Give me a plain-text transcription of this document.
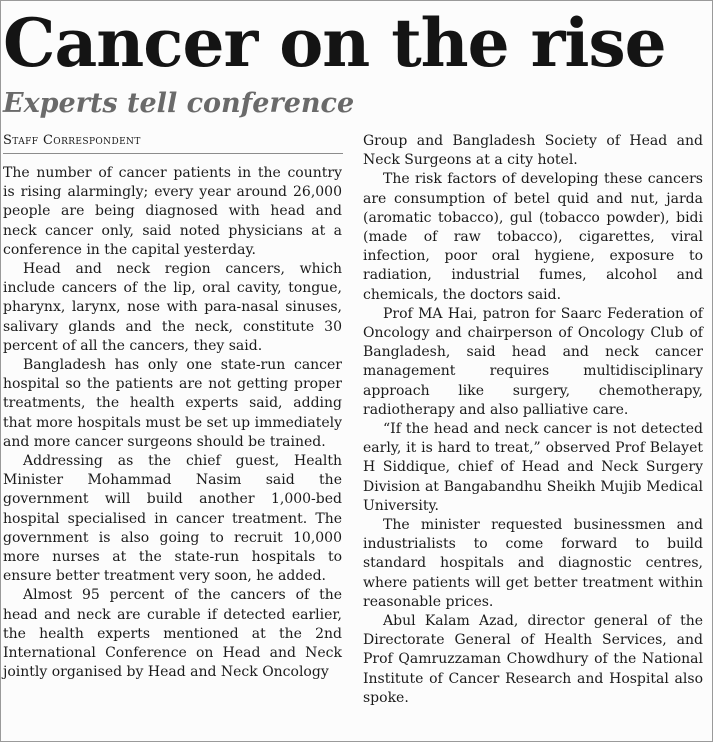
Cancer on the rise
Experts tell conference
Staff Correspondent

The number of cancer patients in the country is rising alarmingly; every year around 26,000 people are being diagnosed with head and neck cancer only, said noted physicians at a conference in the capital yesterday.

Head and neck region cancers, which include cancers of the lip, oral cavity, tongue, pharynx, larynx, nose with para-nasal sinuses, salivary glands and the neck, constitute 30 percent of all the cancers, they said.

Bangladesh has only one state-run cancer hospital so the patients are not getting proper treatments, the health experts said, adding that more hospitals must be set up immediately and more cancer surgeons should be trained.

Addressing as the chief guest, Health Minister Mohammad Nasim said the government will build another 1,000-bed hospital specialised in cancer treatment. The government is also going to recruit 10,000 more nurses at the state-run hospitals to ensure better treatment very soon, he added.

Almost 95 percent of the cancers of the head and neck are curable if detected earlier, the health experts mentioned at the 2nd International Conference on Head and Neck jointly organised by Head and Neck Oncology

Group and Bangladesh Society of Head and Neck Surgeons at a city hotel.

The risk factors of developing these cancers are consumption of betel quid and nut, jarda (aromatic tobacco), gul (tobacco powder), bidi (made of raw tobacco), cigarettes, viral infection, poor oral hygiene, exposure to radiation, industrial fumes, alcohol and chemicals, the doctors said.

Prof MA Hai, patron for Saarc Federation of Oncology and chairperson of Oncology Club of Bangladesh, said head and neck cancer management requires multidisciplinary approach like surgery, chemotherapy, radiotherapy and also palliative care.

“If the head and neck cancer is not detected early, it is hard to treat,” observed Prof Belayet H Siddique, chief of Head and Neck Surgery Division at Bangabandhu Sheikh Mujib Medical University.

The minister requested businessmen and industrialists to come forward to build standard hospitals and diagnostic centres, where patients will get better treatment within reasonable prices.

Abul Kalam Azad, director general of the Directorate General of Health Services, and Prof Qamruzzaman Chowdhury of the National Institute of Cancer Research and Hospital also spoke.
